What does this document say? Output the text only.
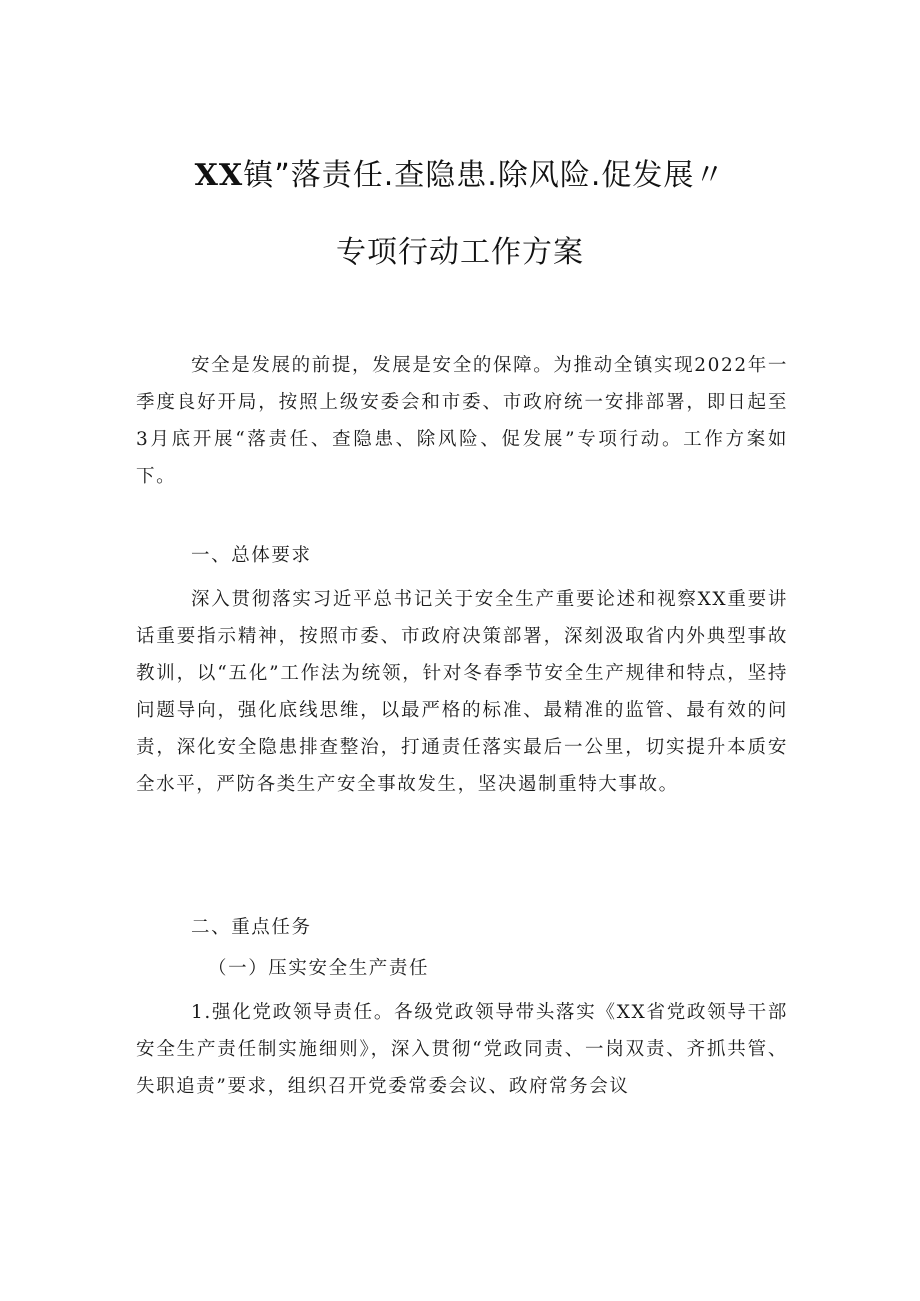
XX镇”落责任.查隐患.除风险.促发展〃
专项行动工作方案
安全是发展的前提，发展是安全的保障。为推动全镇实现2022年一季度良好开局，按照上级安委会和市委、市政府统一安排部署，即日起至3月底开展“落责任、查隐患、除风险、促发展”专项行动。工作方案如下。
一、总体要求
深入贯彻落实习近平总书记关于安全生产重要论述和视察XX重要讲话重要指示精神，按照市委、市政府决策部署，深刻汲取省内外典型事故教训，以“五化”工作法为统领，针对冬春季节安全生产规律和特点，坚持问题导向，强化底线思维，以最严格的标准、最精准的监管、最有效的问责，深化安全隐患排查整治，打通责任落实最后一公里，切实提升本质安全水平，严防各类生产安全事故发生，坚决遏制重特大事故。
二、重点任务
（一）压实安全生产责任
1.强化党政领导责任。各级党政领导带头落实《XX省党政领导干部安全生产责任制实施细则》，深入贯彻“党政同责、一岗双责、齐抓共管、失职追责”要求，组织召开党委常委会议、政府常务会议
